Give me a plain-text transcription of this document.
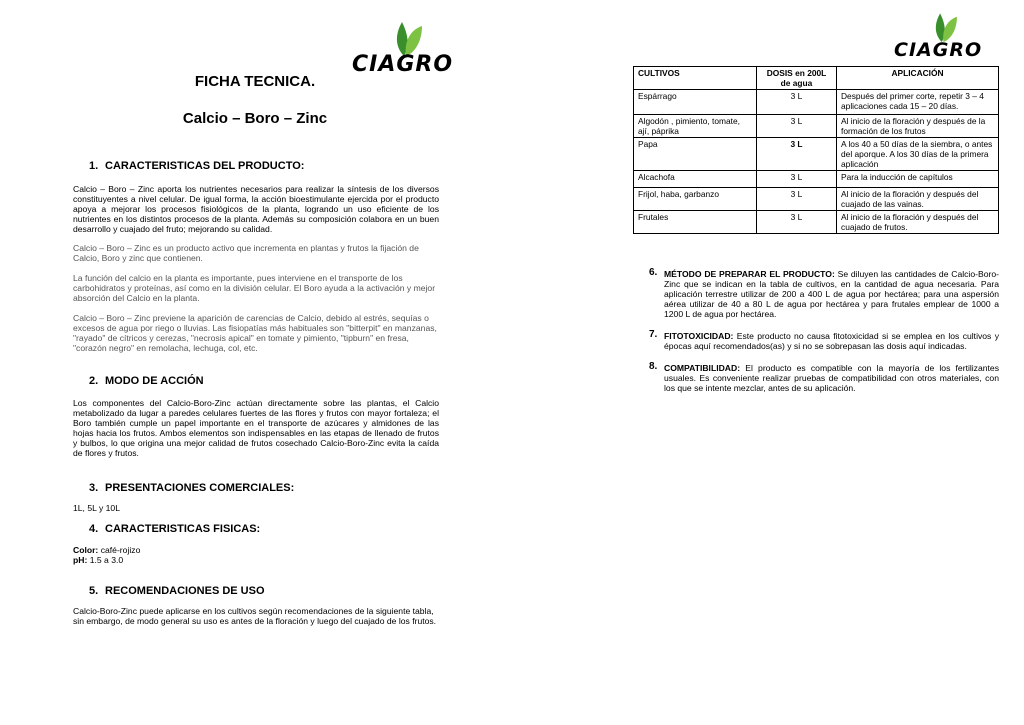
CIAGRO
CIAGRO
FICHA TECNICA.
Calcio – Boro – Zinc
1. CARACTERISTICAS DEL PRODUCTO:
Calcio – Boro – Zinc aporta los nutrientes necesarios para realizar la síntesis de los diversos constituyentes a nivel celular. De igual forma, la acción bioestimulante ejercida por el producto apoya a mejorar los procesos fisiológicos de la planta, logrando un uso eficiente de los nutrientes en los distintos procesos de la planta. Además su composición colabora en un buen desarrollo y cuajado del fruto; mejorando su calidad.
Calcio – Boro – Zinc es un producto activo que incrementa en plantas y frutos la fijación de Calcio, Boro y zinc que contienen.
La función del calcio en la planta es importante, pues interviene en el transporte de los carbohidratos y proteínas, así como en la división celular. El Boro ayuda a la activación y mejor absorción del Calcio en la planta.
Calcio – Boro – Zinc previene la aparición de carencias de Calcio, debido al estrés, sequías o excesos de agua por riego o lluvias. Las fisiopatías más habituales son "bitterpit" en manzanas, "rayado" de cítricos y cerezas, "necrosis apical" en tomate y pimiento, "tipburn" en fresa, "corazón negro" en remolacha, lechuga, col, etc.
2. MODO DE ACCIÓN
Los componentes del Calcio-Boro-Zinc actúan directamente sobre las plantas, el Calcio metabolizado da lugar a paredes celulares fuertes de las flores y frutos con mayor fortaleza; el Boro también cumple un papel importante en el transporte de azúcares y almidones de las hojas hacia los frutos. Ambos elementos son indispensables en las etapas de llenado de frutos y bulbos, lo que origina una mejor calidad de frutos cosechado Calcio-Boro-Zinc evita la caída de flores y frutos.
3. PRESENTACIONES COMERCIALES:
1L, 5L y 10L
4. CARACTERISTICAS FISICAS:
Color: café-rojizo
pH: 1.5 a 3.0
5. RECOMENDACIONES DE USO
Calcio-Boro-Zinc puede aplicarse en los cultivos según recomendaciones de la siguiente tabla, sin embargo, de modo general su uso es antes de la floración y luego del cuajado de los frutos.
CULTIVOS	DOSIS en 200L de agua	APLICACIÓN
Espárrago	3 L	Después del primer corte, repetir 3 – 4 aplicaciones cada 15 – 20 días.
Algodón , pimiento, tomate, ají, páprika	3 L	Al inicio de la floración y después de la formación de los frutos
Papa	3 L	A los 40 a 50 días de la siembra, o antes del aporque. A los 30 días de la primera aplicación
Alcachofa	3 L	Para la inducción de capítulos
Frijol, haba, garbanzo	3 L	Al inicio de la floración y después del cuajado de las vainas.
Frutales	3 L	Al inicio de la floración y después del cuajado de frutos.
6. MÉTODO DE PREPARAR EL PRODUCTO: Se diluyen las cantidades de Calcio-Boro-Zinc que se indican en la tabla de cultivos, en la cantidad de agua necesaria. Para aplicación terrestre utilizar de 200 a 400 L de agua por hectárea; para una aspersión aérea utilizar de 40 a 80 L de agua por hectárea y para frutales emplear de 1000 a 1200 L de agua por hectárea.
7. FITOTOXICIDAD: Este producto no causa fitotoxicidad si se emplea en los cultivos y épocas aquí recomendados(as) y si no se sobrepasan las dosis aquí indicadas.
8. COMPATIBILIDAD: El producto es compatible con la mayoría de los fertilizantes usuales. Es conveniente realizar pruebas de compatibilidad con otros materiales, con los que se intente mezclar, antes de su aplicación.
